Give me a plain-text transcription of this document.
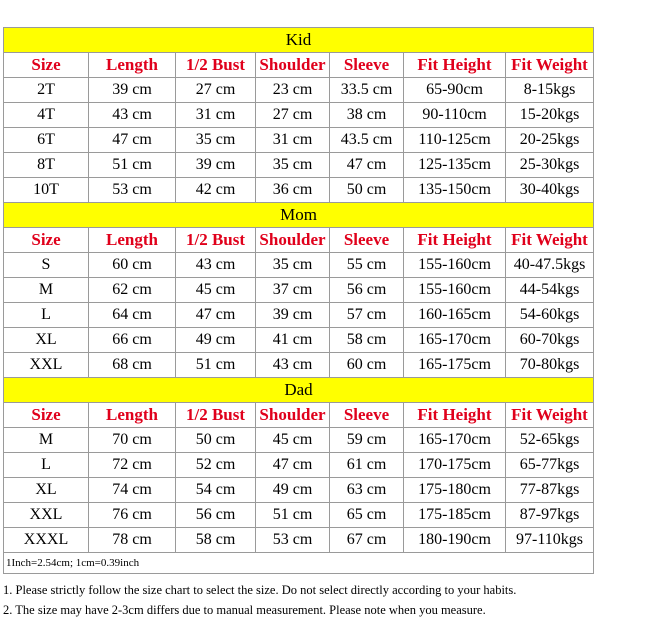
Kid						
Size	Length	1/2 Bust	Shoulder	Sleeve	Fit Height	Fit Weight
2T	39 cm	27 cm	23 cm	33.5 cm	65-90cm	8-15kgs
4T	43 cm	31 cm	27 cm	38 cm	90-110cm	15-20kgs
6T	47 cm	35 cm	31 cm	43.5 cm	110-125cm	20-25kgs
8T	51 cm	39 cm	35 cm	47 cm	125-135cm	25-30kgs
10T	53 cm	42 cm	36 cm	50 cm	135-150cm	30-40kgs
Mom						
Size	Length	1/2 Bust	Shoulder	Sleeve	Fit Height	Fit Weight
S	60 cm	43 cm	35 cm	55 cm	155-160cm	40-47.5kgs
M	62 cm	45 cm	37 cm	56 cm	155-160cm	44-54kgs
L	64 cm	47 cm	39 cm	57 cm	160-165cm	54-60kgs
XL	66 cm	49 cm	41 cm	58 cm	165-170cm	60-70kgs
XXL	68 cm	51 cm	43 cm	60 cm	165-175cm	70-80kgs
Dad						
Size	Length	1/2 Bust	Shoulder	Sleeve	Fit Height	Fit Weight
M	70 cm	50 cm	45 cm	59 cm	165-170cm	52-65kgs
L	72 cm	52 cm	47 cm	61 cm	170-175cm	65-77kgs
XL	74 cm	54 cm	49 cm	63 cm	175-180cm	77-87kgs
XXL	76 cm	56 cm	51 cm	65 cm	175-185cm	87-97kgs
XXXL	78 cm	58 cm	53 cm	67 cm	180-190cm	97-110kgs
1Inch=2.54cm; 1cm=0.39inch						
1. Please strictly follow the size chart to select the size. Do not select directly according to your habits.
2. The size may have 2-3cm differs due to manual measurement. Please note when you measure.
